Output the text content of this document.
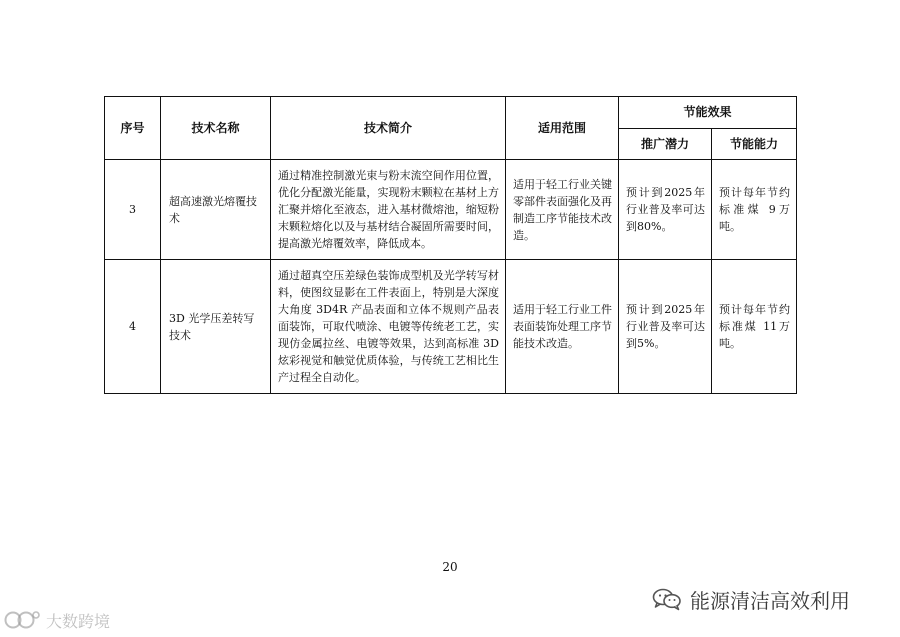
序号	技术名称	技术简介	适用范围	节能效果	
				推广潜力	节能能力
3	超高速激光熔覆技术	通过精准控制激光束与粉末流空间作用位置，优化分配激光能量，实现粉末颗粒在基材上方汇聚并熔化至液态，进入基材微熔池，缩短粉末颗粒熔化以及与基材结合凝固所需要时间，提高激光熔覆效率，降低成本。	适用于轻工行业关键零部件表面强化及再制造工序节能技术改造。	预计到2025年行业普及率可达到80%。	预计每年节约标准煤 9万吨。
4	3D 光学压差转写技术	通过超真空压差绿色装饰成型机及光学转写材料，使图纹显影在工件表面上，特别是大深度大角度 3D4R 产品表面和立体不规则产品表面装饰，可取代喷涂、电镀等传统老工艺，实现仿金属拉丝、电镀等效果，达到高标准 3D 炫彩视觉和触觉优质体验，与传统工艺相比生产过程全自动化。	适用于轻工行业工件表面装饰处理工序节能技术改造。	预计到2025年行业普及率可达到5%。	预计每年节约标准煤 11万吨。
20
能源清洁高效利用
大数跨境
